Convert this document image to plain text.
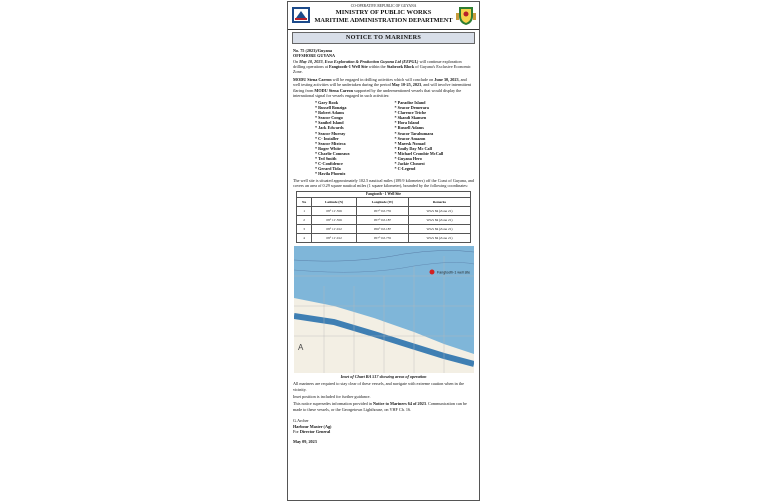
CO-OPERATIVE REPUBLIC OF GUYANA
MINISTRY OF PUBLIC WORKS
MARITIME ADMINISTRATION DEPARTMENT
NOTICE TO MARINERS
No. 75 (2023)/Guyana
OFFSHORE GUYANA

On May 10, 2023, Esso Exploration & Production Guyana Ltd (EEPGL) will continue exploration drilling operations at Fangtooth-1 Well Site within the Stabroek Block of Guyana's Exclusive Economic Zone.

MODU Stena Carron will be engaged in drilling activities which will conclude on June 30, 2023, and well testing activities will be undertaken during the period May 10-25, 2023, and will involve intermittent flaring from MODU Stena Carron supported by the undermentioned vessels that would display the international signal for vessels engaged in such activities:

* Gary Rook
* Russell Bonziga
* Robert Adams
* Seacor Congo
* Sanibel Island
* Jack Edwards
* Seacor Murray
* C- Installer
* Seacor Mixteca
* Roger White
* Charlie Comeaux
* Ted Smith
* C-Confidence
* Gerard Tida
* Havila Phoenix
* Paradise Island
* Seacor Demerara
* Clarence Triche
* Skandi Skansen
* Hora Island
* Russell Adams
* Seacor Tarahumara
* Seacor Amazon
* Maersk Nomad
* Emily Day Mc Call
* Michael Crombie McCall
* Guyana Hero
* Jackie Chouest
* C-Legend

The well site is situated approximately 102.5 nautical miles (189.9 kilometers) off the Coast of Guyana, and covers an area of 0.29 square nautical miles (1 square kilometer), bounded by the following coordinates:

Fangtooth - 1 Well Site
No	Latitude (N)	Longitude (W)	Remarks
1	08° 11'.556	057° 04'.735	WGS 84 (Zone 21)
2	08° 11'.556	057° 04'.187	WGS 84 (Zone 21)
3	08° 11'.012	056° 04'.187	WGS 84 (Zone 21)
4	08° 11'.012	057° 04'.735	WGS 84 (Zone 21)
Fangtooth-1 well site
A
Inset of Chart BA 517 showing areas of operation

All mariners are required to stay clear of these vessels, and navigate with extreme caution when in the vicinity.

Inset position is included for further guidance.

This notice supersedes information provided in Notice to Mariners 64 of 2023. Communication can be made to these vessels, or the Georgetown Lighthouse, on VHF Ch. 16.

G.Archer
Harbour Master (Ag)
For Director General
May 09, 2023
